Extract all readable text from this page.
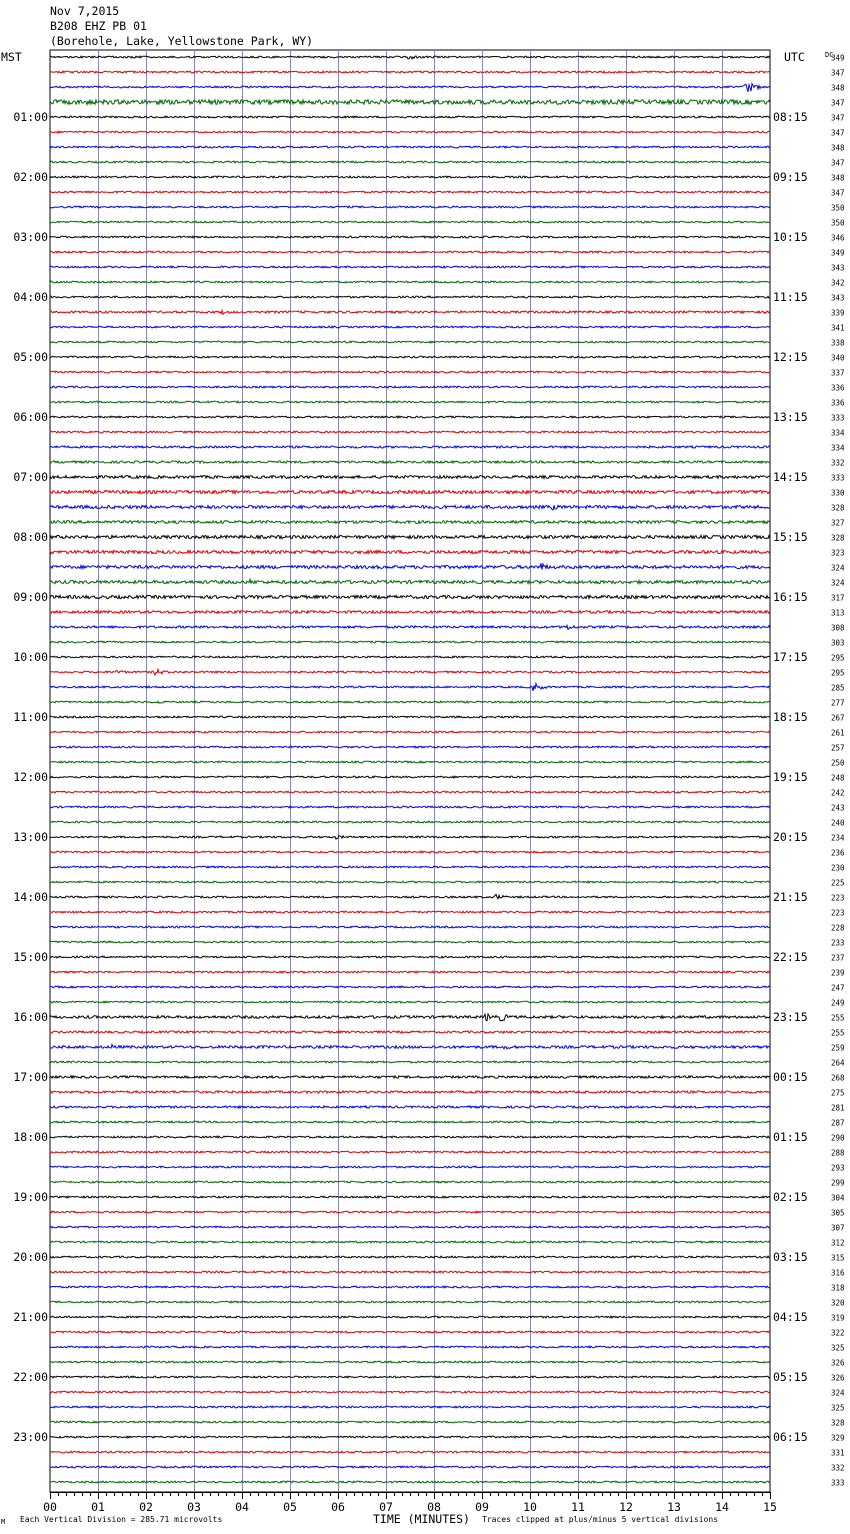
Nov 7,2015
B208 EHZ PB 01
(Borehole, Lake, Yellowstone Park, WY)
349
347
348
347
347
347
348
347
348
347
350
350
346
349
343
342
343
339
341
338
340
337
336
336
333
334
334
332
333
330
328
327
328
323
324
324
317
313
308
303
295
295
285
277
267
261
257
250
248
242
243
240
234
236
230
225
223
223
228
233
237
239
247
249
255
255
259
264
268
275
281
287
290
288
293
299
304
305
307
312
315
316
318
320
319
322
325
326
326
324
325
328
329
331
332
333
01:00
02:00
03:00
04:00
05:00
06:00
07:00
08:00
09:00
10:00
11:00
12:00
13:00
14:00
15:00
16:00
17:00
18:00
19:00
20:00
21:00
22:00
23:00
08:15
09:15
10:15
11:15
12:15
13:15
14:15
15:15
16:15
17:15
18:15
19:15
20:15
21:15
22:15
23:15
00:15
01:15
02:15
03:15
04:15
05:15
06:15
MST	UTC	DC
00	01	02	03	04	05	06	07	08	09	10	11	12	13	14	15
M Each Vertical Division = 285.71 microvolts	TIME (MINUTES) Traces clipped at plus/minus 5 vertical divisions
